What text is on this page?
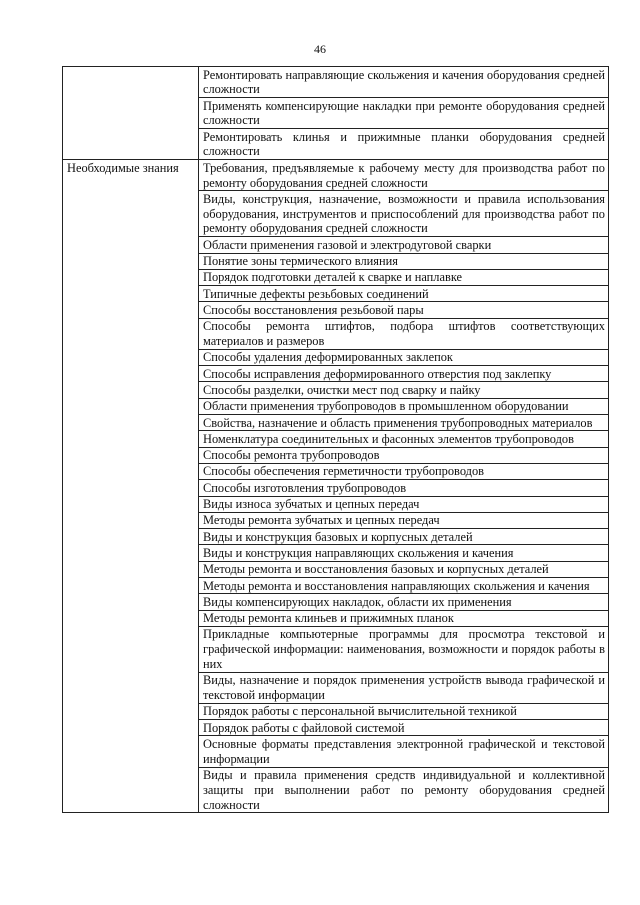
46
	Ремонтировать направляющие скольжения и качения оборудования средней сложности
	Применять компенсирующие накладки при ремонте оборудования средней сложности
	Ремонтировать клинья и прижимные планки оборудования средней сложности
Необходимые знания	Требования, предъявляемые к рабочему месту для производства работ по ремонту оборудования средней сложности
	Виды, конструкция, назначение, возможности и правила использования оборудования, инструментов и приспособлений для производства работ по ремонту оборудования средней сложности
	Области применения газовой и электродуговой сварки
	Понятие зоны термического влияния
	Порядок подготовки деталей к сварке и наплавке
	Типичные дефекты резьбовых соединений
	Способы восстановления резьбовой пары
	Способы ремонта штифтов, подбора штифтов соответствующих материалов и размеров
	Способы удаления деформированных заклепок
	Способы исправления деформированного отверстия под заклепку
	Способы разделки, очистки мест под сварку и пайку
	Области применения трубопроводов в промышленном оборудовании
	Свойства, назначение и область применения трубопроводных материалов
	Номенклатура соединительных и фасонных элементов трубопроводов
	Способы ремонта трубопроводов
	Способы обеспечения герметичности трубопроводов
	Способы изготовления трубопроводов
	Виды износа зубчатых и цепных передач
	Методы ремонта зубчатых и цепных передач
	Виды и конструкция базовых и корпусных деталей
	Виды и конструкция направляющих скольжения и качения
	Методы ремонта и восстановления базовых и корпусных деталей
	Методы ремонта и восстановления направляющих скольжения и качения
	Виды компенсирующих накладок, области их применения
	Методы ремонта клиньев и прижимных планок
	Прикладные компьютерные программы для просмотра текстовой и графической информации: наименования, возможности и порядок работы в них
	Виды, назначение и порядок применения устройств вывода графической и текстовой информации
	Порядок работы с персональной вычислительной техникой
	Порядок работы с файловой системой
	Основные форматы представления электронной графической и текстовой информации
	Виды и правила применения средств индивидуальной и коллективной защиты при выполнении работ по ремонту оборудования средней сложности
